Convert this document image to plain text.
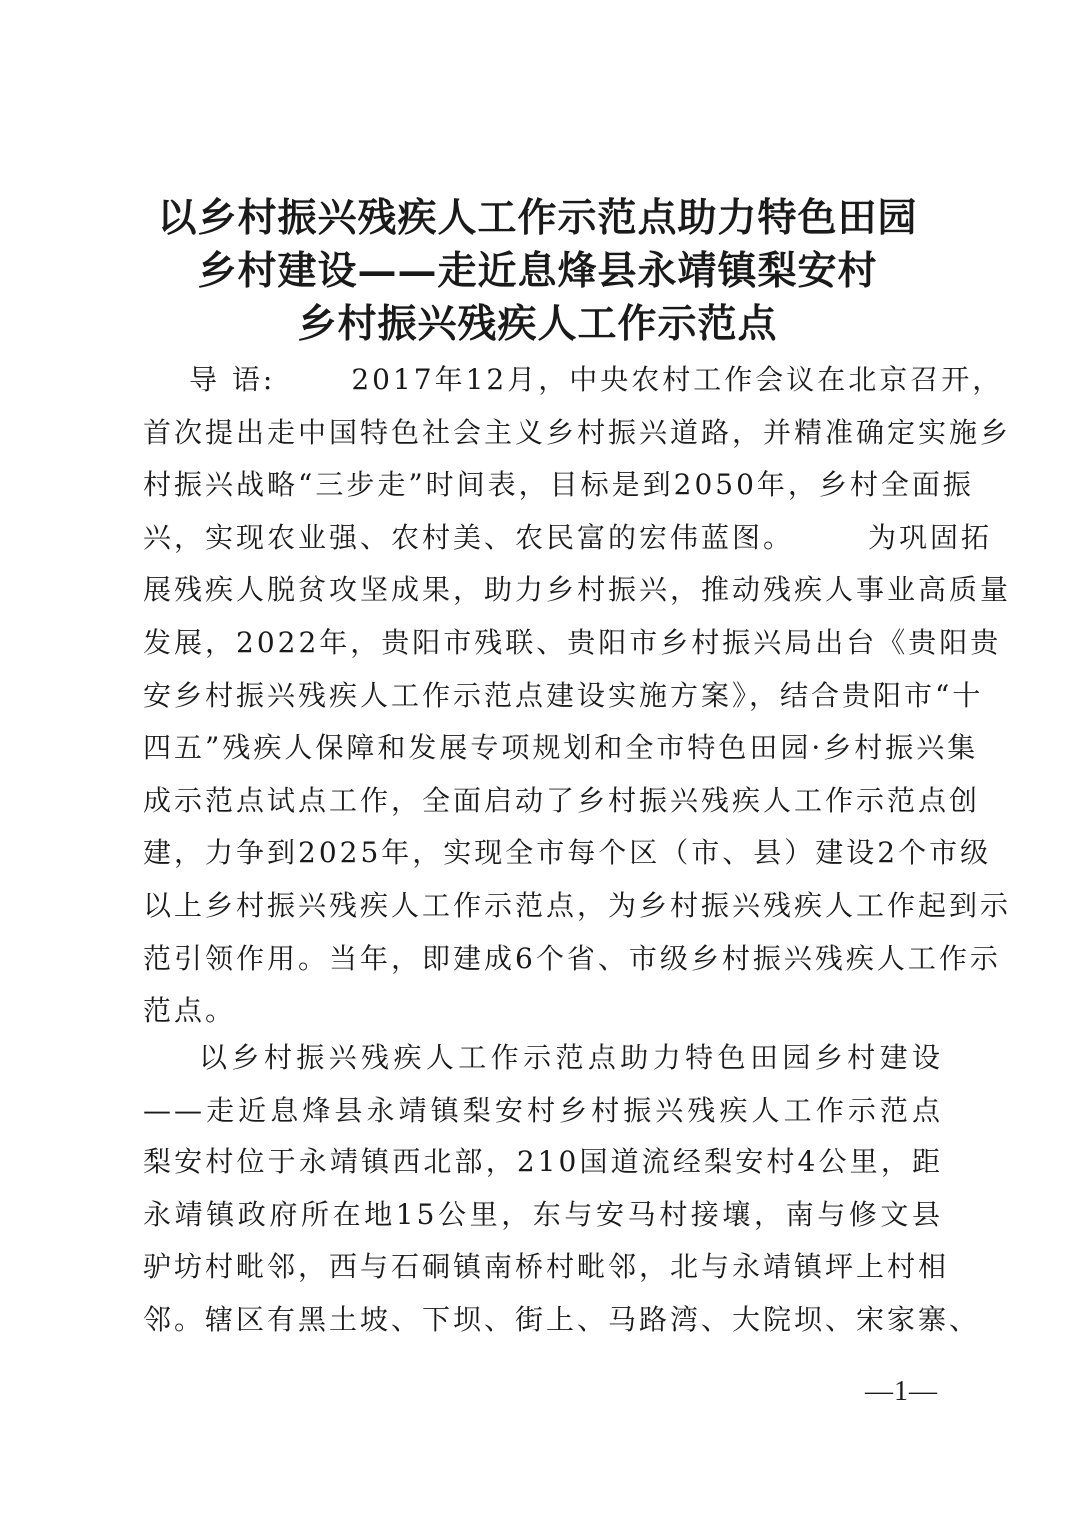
以乡村振兴残疾人工作示范点助力特色田园
乡村建设——走近息烽县永靖镇梨安村
乡村振兴残疾人工作示范点
导 语:	2017年12月，中央农村工作会议在北京召开，
首次提出走中国特色社会主义乡村振兴道路，并精准确定实施乡
村振兴战略“三步走”时间表，目标是到2050年，乡村全面振
兴，实现农业强、农村美、农民富的宏伟蓝图。	为巩固拓
展残疾人脱贫攻坚成果，助力乡村振兴，推动残疾人事业高质量
发展，2022年，贵阳市残联、贵阳市乡村振兴局出台《贵阳贵
安乡村振兴残疾人工作示范点建设实施方案》，结合贵阳市“十
四五”残疾人保障和发展专项规划和全市特色田园·乡村振兴集
成示范点试点工作，全面启动了乡村振兴残疾人工作示范点创
建，力争到2025年，实现全市每个区（市、县）建设2个市级
以上乡村振兴残疾人工作示范点，为乡村振兴残疾人工作起到示
范引领作用。当年，即建成6个省、市级乡村振兴残疾人工作示
范点。
以乡村振兴残疾人工作示范点助力特色田园乡村建设
——走近息烽县永靖镇梨安村乡村振兴残疾人工作示范点
梨安村位于永靖镇西北部，210国道流经梨安村4公里，距
永靖镇政府所在地15公里，东与安马村接壤，南与修文县
驴坊村毗邻，西与石硐镇南桥村毗邻，北与永靖镇坪上村相
邻。辖区有黑土坡、下坝、街上、马路湾、大院坝、宋家寨、
—1—
